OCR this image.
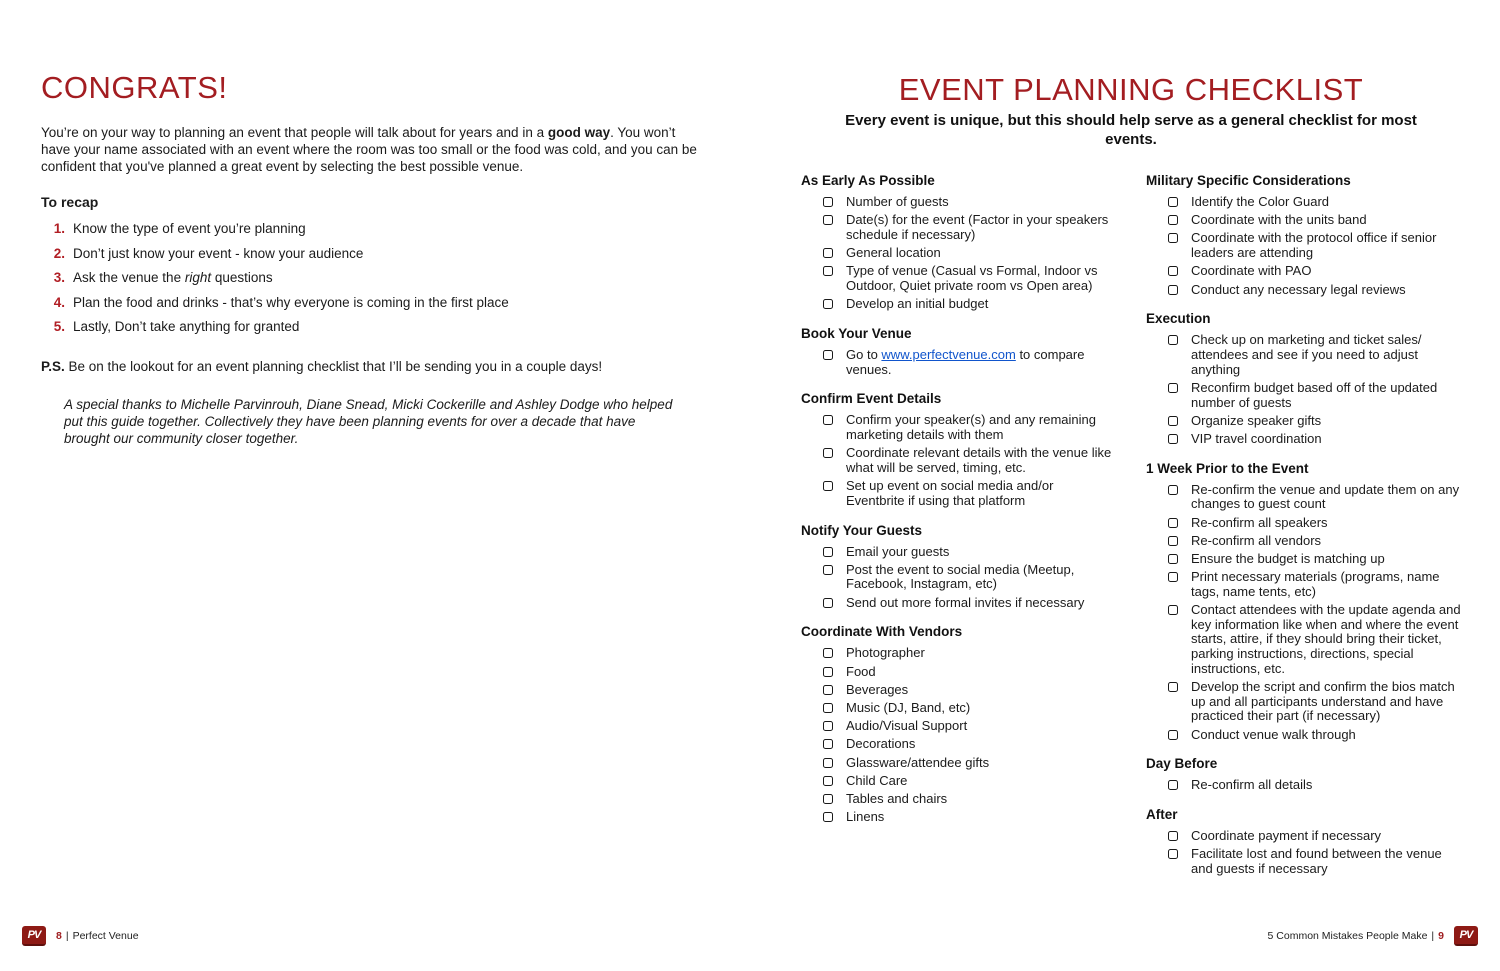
CONGRATS!
You’re on your way to planning an event that people will talk about for years and in a good way. You won’t have your name associated with an event where the room was too small or the food was cold, and you can be confident that you've planned a great event by selecting the best possible venue.
To recap
1. Know the type of event you’re planning
2. Don’t just know your event - know your audience
3. Ask the venue the right questions
4. Plan the food and drinks - that’s why everyone is coming in the first place
5. Lastly, Don’t take anything for granted
P.S. Be on the lookout for an event planning checklist that I’ll be sending you in a couple days!
A special thanks to Michelle Parvinrouh, Diane Snead, Micki Cockerille and Ashley Dodge who helped put this guide together. Collectively they have been planning events for over a decade that have brought our community closer together.
EVENT PLANNING CHECKLIST
Every event is unique, but this should help serve as a general checklist for most events.
As Early As Possible
Number of guests
Date(s) for the event (Factor in your speakers schedule if necessary)
General location
Type of venue (Casual vs Formal, Indoor vs Outdoor, Quiet private room vs Open area)
Develop an initial budget
Book Your Venue
Go to www.perfectvenue.com to compare venues.
Confirm Event Details
Confirm your speaker(s) and any remaining marketing details with them
Coordinate relevant details with the venue like what will be served, timing, etc.
Set up event on social media and/or Eventbrite if using that platform
Notify Your Guests
Email your guests
Post the event to social media (Meetup, Facebook, Instagram, etc)
Send out more formal invites if necessary
Coordinate With Vendors
Photographer
Food
Beverages
Music (DJ, Band, etc)
Audio/Visual Support
Decorations
Glassware/attendee gifts
Child Care
Tables and chairs
Linens
Military Specific Considerations
Identify the Color Guard
Coordinate with the units band
Coordinate with the protocol office if senior leaders are attending
Coordinate with PAO
Conduct any necessary legal reviews
Execution
Check up on marketing and ticket sales/ attendees and see if you need to adjust anything
Reconfirm budget based off of the updated number of guests
Organize speaker gifts
VIP travel coordination
1 Week Prior to the Event
Re-confirm the venue and update them on any changes to guest count
Re-confirm all speakers
Re-confirm all vendors
Ensure the budget is matching up
Print necessary materials (programs, name tags, name tents, etc)
Contact attendees with the update agenda and key information like when and where the event starts, attire, if they should bring their ticket, parking instructions, directions, special instructions, etc.
Develop the script and confirm the bios match up and all participants understand and have practiced their part (if necessary)
Conduct venue walk through
Day Before
Re-confirm all details
After
Coordinate payment if necessary
Facilitate lost and found between the venue and guests if necessary
PV	8 | Perfect Venue	5 Common Mistakes People Make | 9	PV
